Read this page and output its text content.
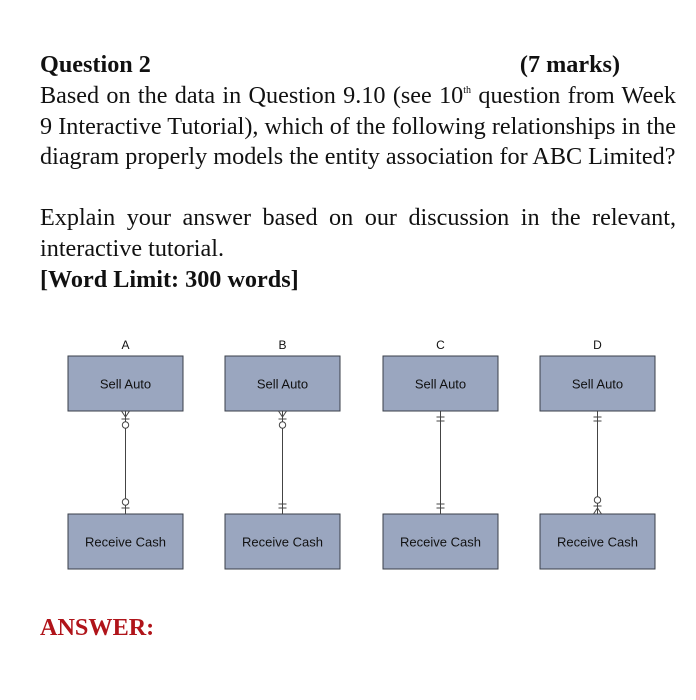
Question 2	(7 marks)

Based on the data in Question 9.10 (see 10th question from Week 9 Interactive Tutorial), which of the following relationships in the diagram properly models the entity association for ABC Limited?

Explain your answer based on our discussion in the relevant, interactive tutorial.

[Word Limit: 300 words]

A
Sell Auto
Receive Cash
B
Sell Auto
Receive Cash
C
Sell Auto
Receive Cash
D
Sell Auto
Receive Cash
ANSWER:
